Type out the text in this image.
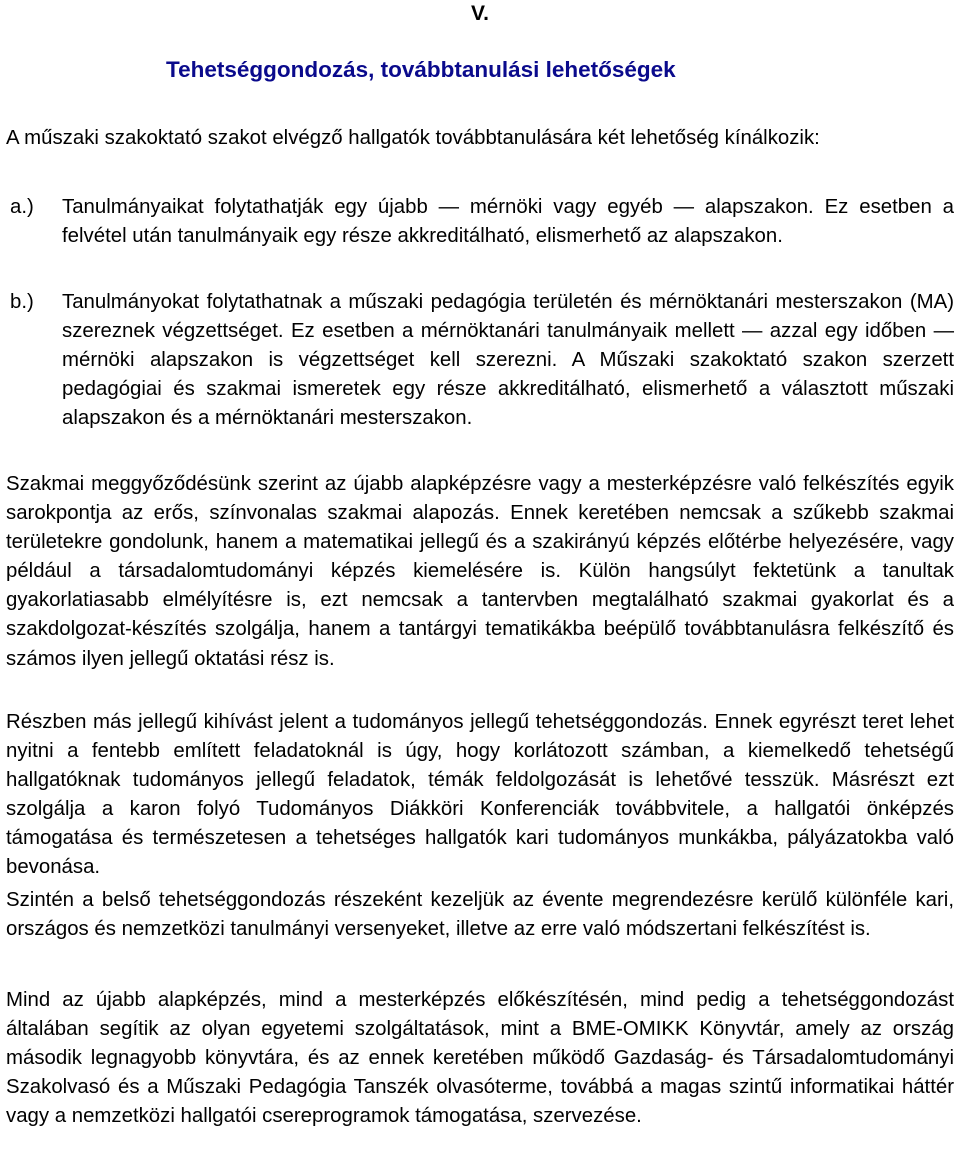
V.
Tehetséggondozás, továbbtanulási lehetőségek

A műszaki szakoktató szakot elvégző hallgatók továbbtanulására két lehetőség kínálkozik:

a.) Tanulmányaikat folytathatják egy újabb — mérnöki vagy egyéb — alapszakon. Ez esetben a felvétel után tanulmányaik egy része akkreditálható, elismerhető az alapszakon.
b.) Tanulmányokat folytathatnak a műszaki pedagógia területén és mérnöktanári mesterszakon (MA) szereznek végzettséget. Ez esetben a mérnöktanári tanulmányaik mellett — azzal egy időben — mérnöki alapszakon is végzettséget kell szerezni. A Műszaki szakoktató szakon szerzett pedagógiai és szakmai ismeretek egy része akkreditálható, elismerhető a választott műszaki alapszakon és a mérnöktanári mesterszakon.

Szakmai meggyőződésünk szerint az újabb alapképzésre vagy a mesterképzésre való felkészítés egyik sarokpontja az erős, színvonalas szakmai alapozás. Ennek keretében nemcsak a szűkebb szakmai területekre gondolunk, hanem a matematikai jellegű és a szakirányú képzés előtérbe helyezésére, vagy például a társadalomtudományi képzés kiemelésére is. Külön hangsúlyt fektetünk a tanultak gyakorlatiasabb elmélyítésre is, ezt nemcsak a tantervben megtalálható szakmai gyakorlat és a szakdolgozat-készítés szolgálja, hanem a tantárgyi tematikákba beépülő továbbtanulásra felkészítő és számos ilyen jellegű oktatási rész is.

Részben más jellegű kihívást jelent a tudományos jellegű tehetséggondozás. Ennek egyrészt teret lehet nyitni a fentebb említett feladatoknál is úgy, hogy korlátozott számban, a kiemelkedő tehetségű hallgatóknak tudományos jellegű feladatok, témák feldolgozását is lehetővé tesszük. Másrészt ezt szolgálja a karon folyó Tudományos Diákköri Konferenciák továbbvitele, a hallgatói önképzés támogatása és természetesen a tehetséges hallgatók kari tudományos munkákba, pályázatokba való bevonása.

Szintén a belső tehetséggondozás részeként kezeljük az évente megrendezésre kerülő különféle kari, országos és nemzetközi tanulmányi versenyeket, illetve az erre való módszertani felkészítést is.

Mind az újabb alapképzés, mind a mesterképzés előkészítésén, mind pedig a tehetséggondozást általában segítik az olyan egyetemi szolgáltatások, mint a BME-OMIKK Könyvtár, amely az ország második legnagyobb könyvtára, és az ennek keretében működő Gazdaság- és Társadalomtudományi Szakolvasó és a Műszaki Pedagógia Tanszék olvasóterme, továbbá a magas szintű informatikai háttér vagy a nemzetközi hallgatói csereprogramok támogatása, szervezése.
